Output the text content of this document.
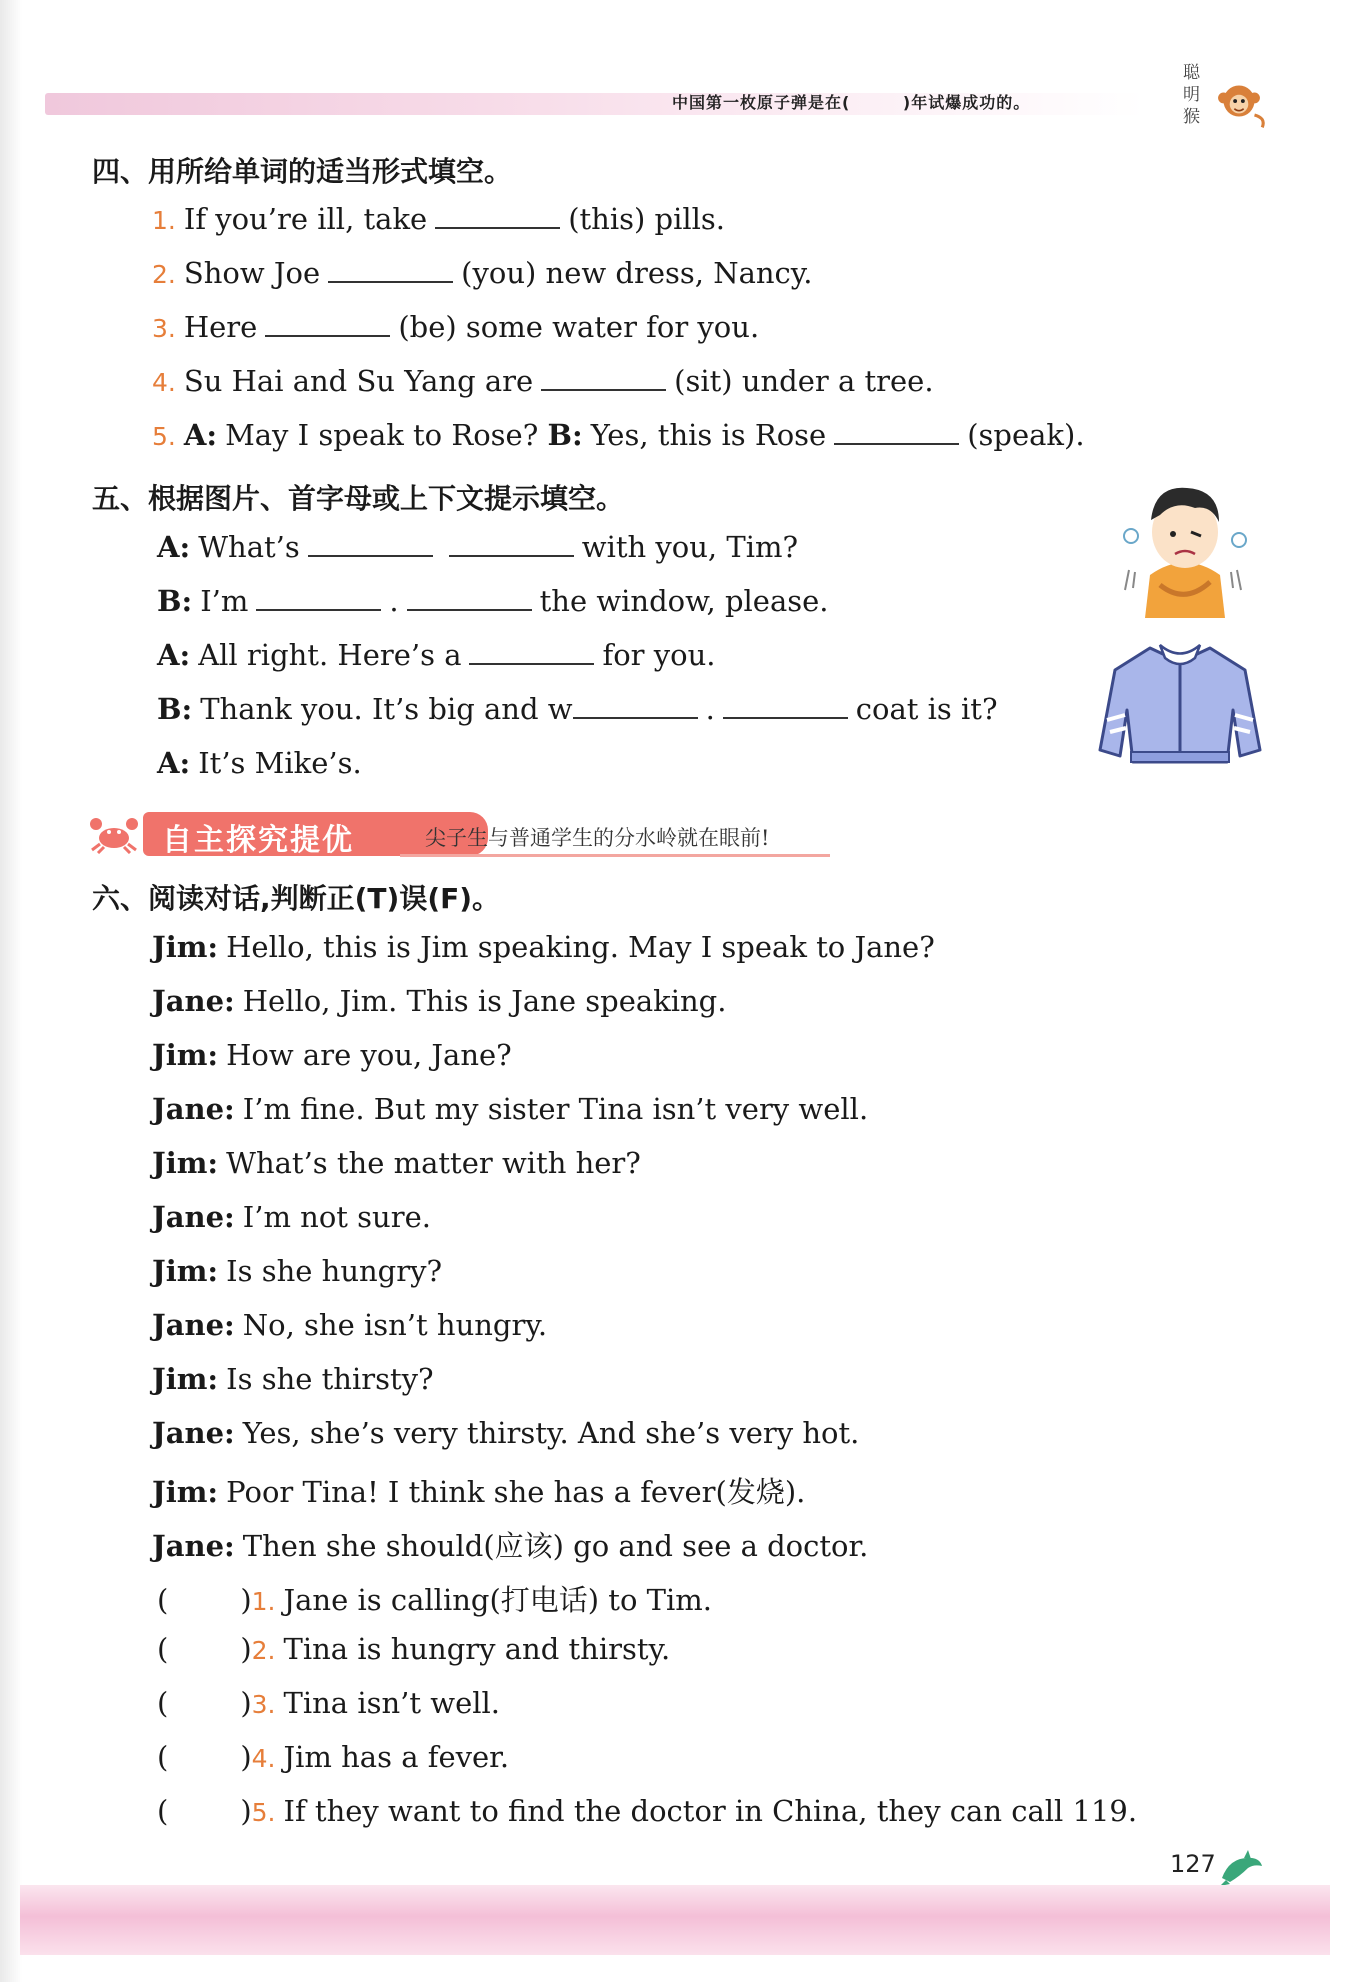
中国第一枚原子弹是在(        )年试爆成功的。
聪明猴
四、用所给单词的适当形式填空。
1. If you’re ill, take	(this) pills.
2. Show Joe	(you) new dress, Nancy.
3. Here	(be) some water for you.
4. Su Hai and Su Yang are	(sit) under a tree.
5. A: May I speak to Rose? B: Yes, this is Rose	(speak).
五、根据图片、首字母或上下文提示填空。
A: What’s	with you, Tim?
B: I’m	.	the window, please.
A: All right. Here’s a	for you.
B: Thank you. It’s big and w	.	coat is it?
A: It’s Mike’s.
自主探究提优	尖子生与普通学生的分水岭就在眼前!
六、阅读对话,判断正(T)误(F)。
Jim: Hello, this is Jim speaking. May I speak to Jane?
Jane: Hello, Jim. This is Jane speaking.
Jim: How are you, Jane?
Jane: I’m fine. But my sister Tina isn’t very well.
Jim: What’s the matter with her?
Jane: I’m not sure.
Jim: Is she hungry?
Jane: No, she isn’t hungry.
Jim: Is she thirsty?
Jane: Yes, she’s very thirsty. And she’s very hot.
Jim: Poor Tina! I think she has a fever(发烧).
Jane: Then she should(应该) go and see a doctor.
( )1. Jane is calling(打电话) to Tim.
( )2. Tina is hungry and thirsty.
( )3. Tina isn’t well.
( )4. Jim has a fever.
( )5. If they want to find the doctor in China, they can call 119.
127
